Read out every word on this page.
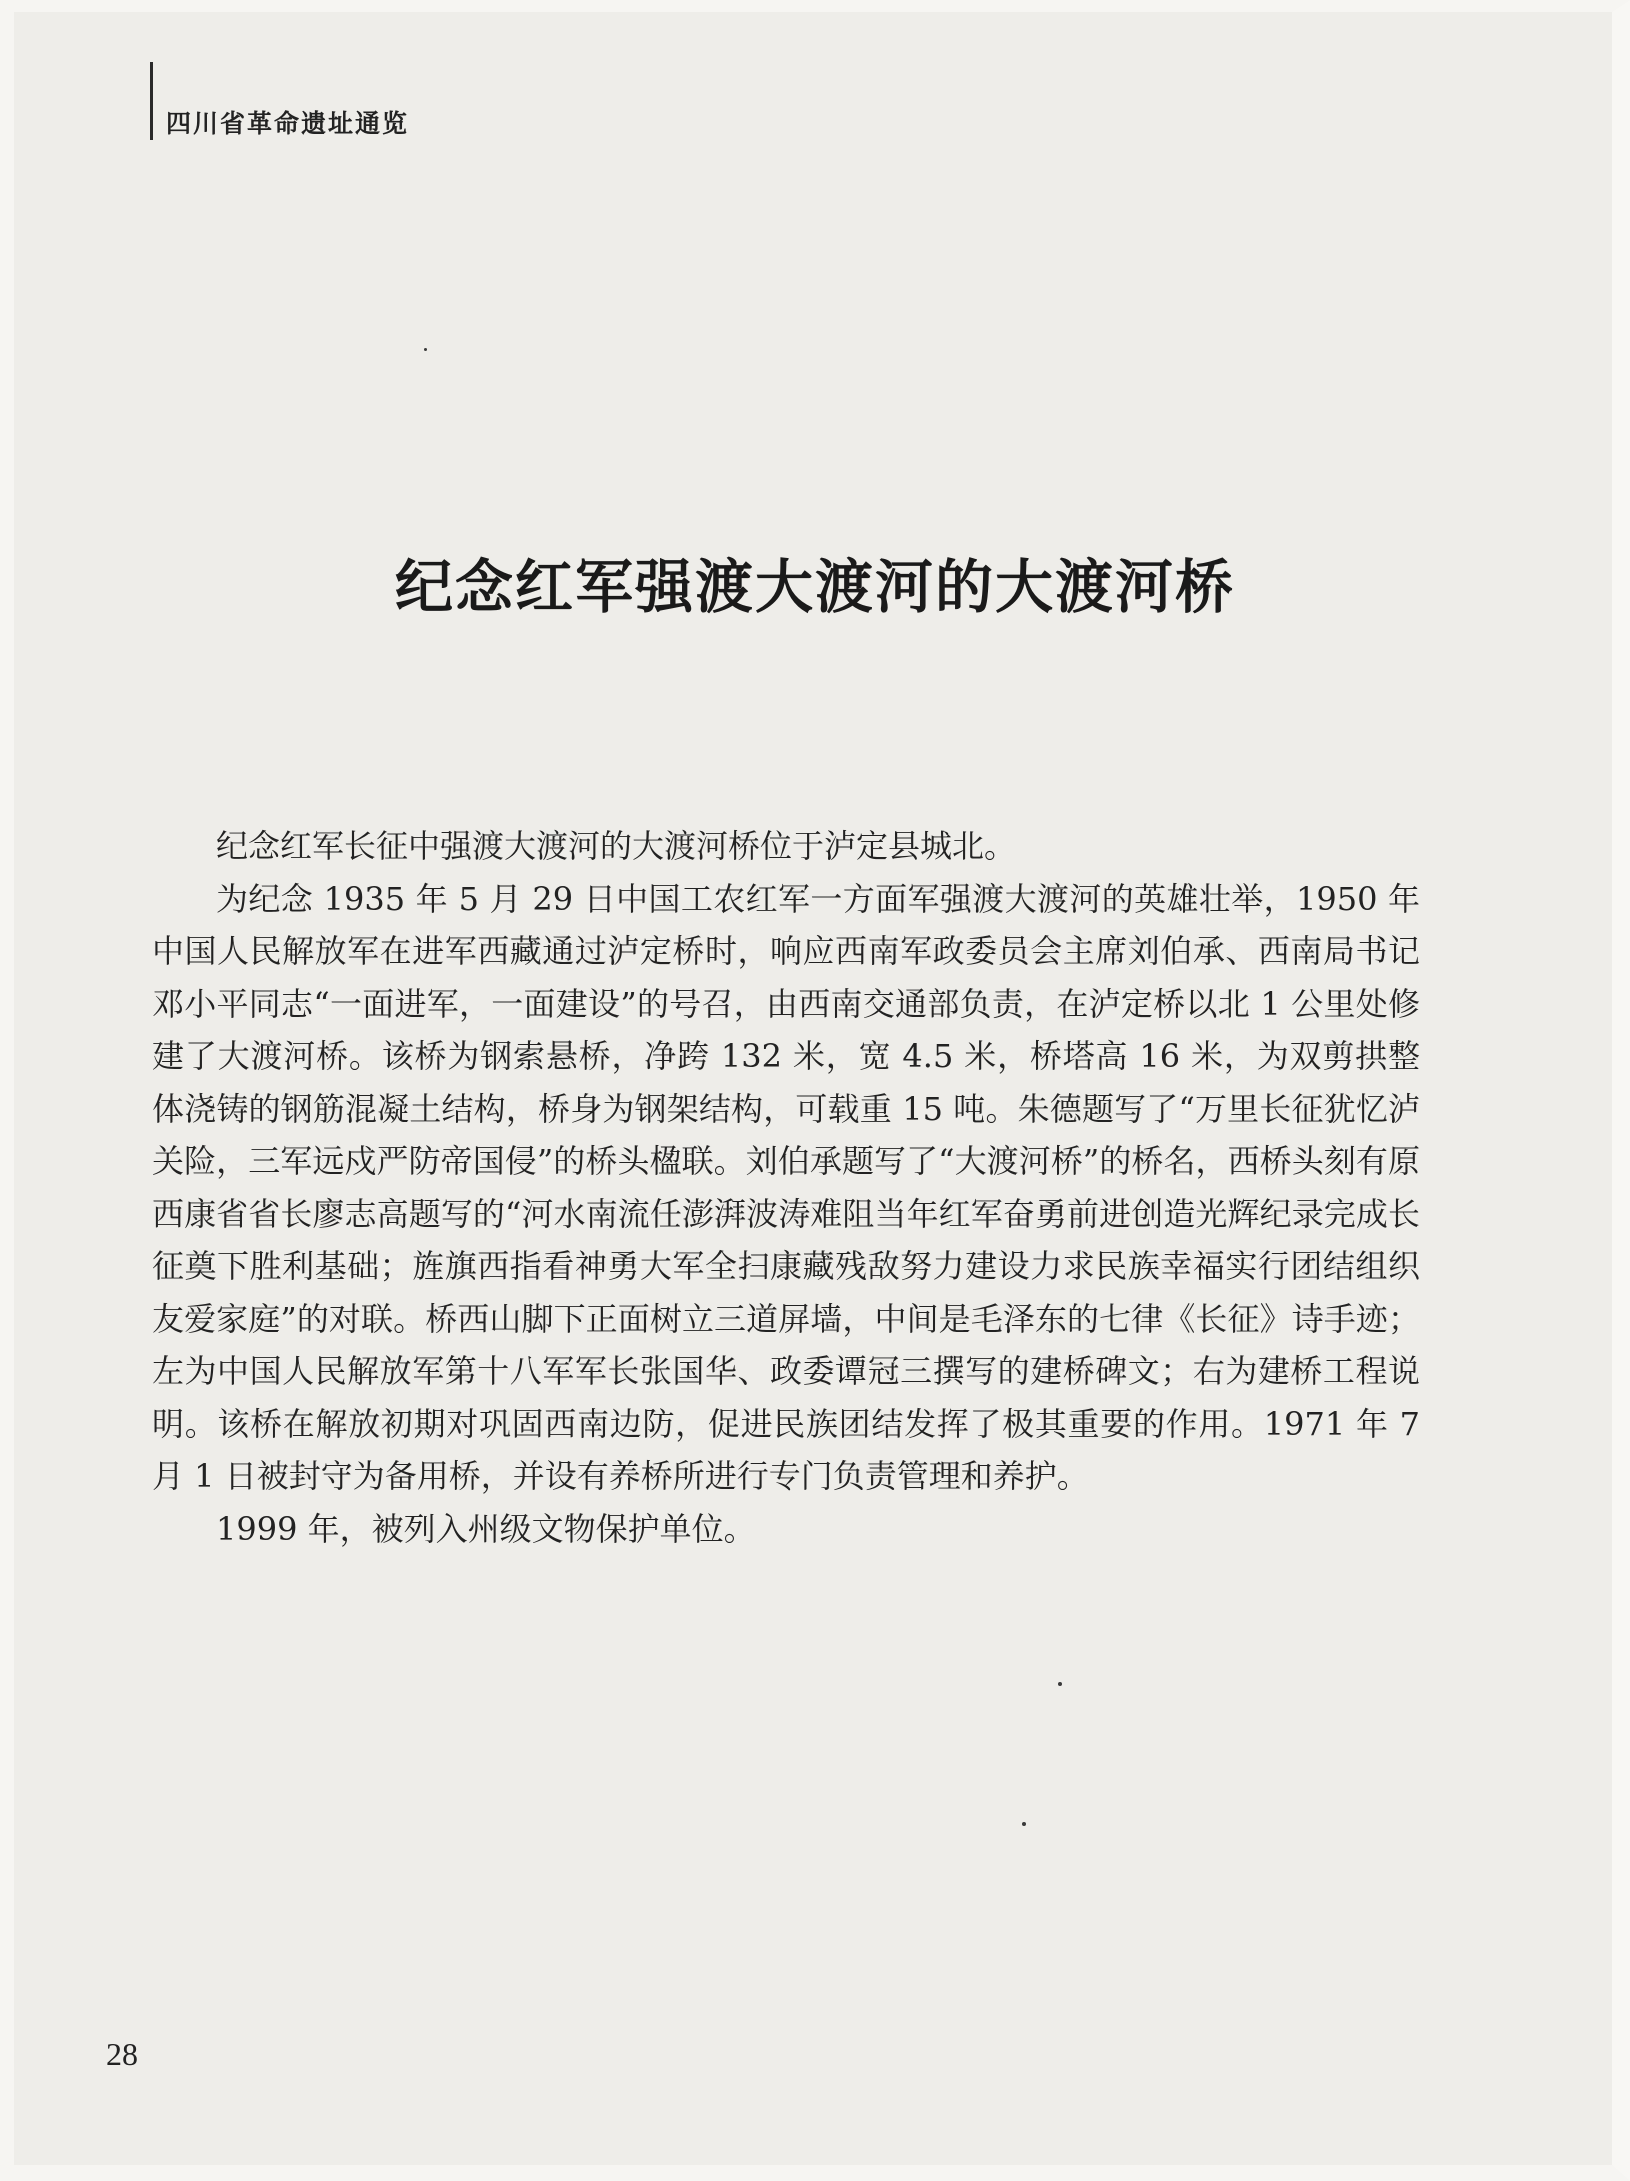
四川省革命遗址通览
纪念红军强渡大渡河的大渡河桥

纪念红军长征中强渡大渡河的大渡河桥位于泸定县城北。

为纪念 1935 年 5 月 29 日中国工农红军一方面军强渡大渡河的英雄壮举，1950 年中国人民解放军在进军西藏通过泸定桥时，响应西南军政委员会主席刘伯承、西南局书记邓小平同志“一面进军，一面建设”的号召，由西南交通部负责，在泸定桥以北 1 公里处修建了大渡河桥。该桥为钢索悬桥，净跨 132 米，宽 4.5 米，桥塔高 16 米，为双剪拱整体浇铸的钢筋混凝土结构，桥身为钢架结构，可载重 15 吨。朱德题写了“万里长征犹忆泸关险，三军远戍严防帝国侵”的桥头楹联。刘伯承题写了“大渡河桥”的桥名，西桥头刻有原西康省省长廖志高题写的“河水南流任澎湃波涛难阻当年红军奋勇前进创造光辉纪录完成长征奠下胜利基础；旌旗西指看神勇大军全扫康藏残敌努力建设力求民族幸福实行团结组织友爱家庭”的对联。桥西山脚下正面树立三道屏墙，中间是毛泽东的七律《长征》诗手迹；左为中国人民解放军第十八军军长张国华、政委谭冠三撰写的建桥碑文；右为建桥工程说明。该桥在解放初期对巩固西南边防，促进民族团结发挥了极其重要的作用。1971 年 7 月 1 日被封守为备用桥，并设有养桥所进行专门负责管理和养护。

1999 年，被列入州级文物保护单位。

28
